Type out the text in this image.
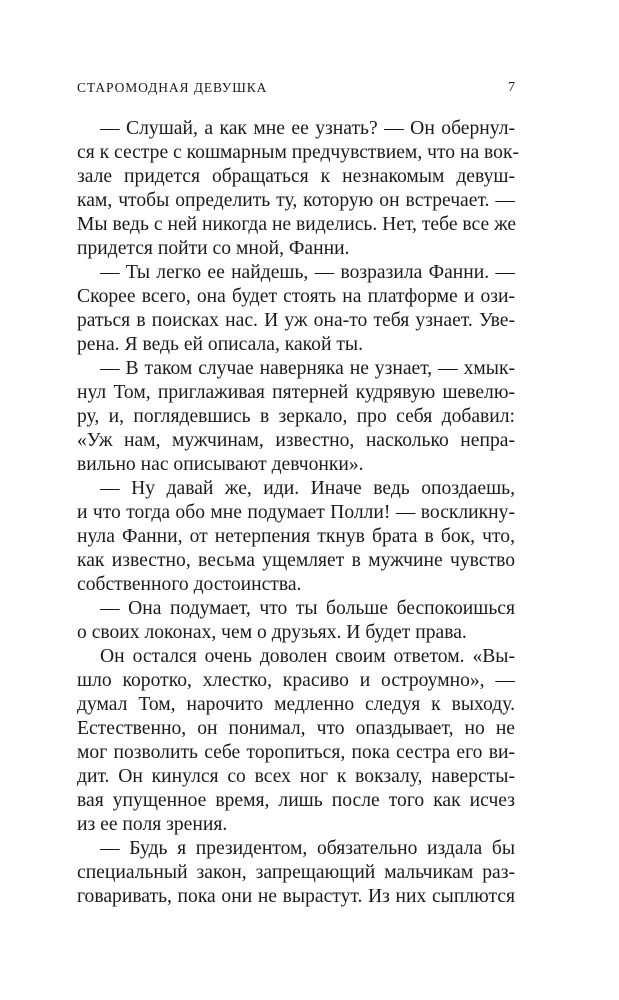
СТАРОМОДНАЯ ДЕВУШКА	7
— Слушай, а как мне ее узнать? — Он обернул-
ся к сестре с кошмарным предчувствием, что на вок-
зале придется обращаться к незнакомым девуш-
кам, чтобы определить ту, которую он встречает. —
Мы ведь с ней никогда не виделись. Нет, тебе все же
придется пойти со мной, Фанни.
— Ты легко ее найдешь, — возразила Фанни. —
Скорее всего, она будет стоять на платформе и ози-
раться в поисках нас. И уж она-то тебя узнает. Уве-
рена. Я ведь ей описала, какой ты.
— В таком случае наверняка не узнает, — хмык-
нул Том, приглаживая пятерней кудрявую шевелю-
ру, и, поглядевшись в зеркало, про себя добавил:
«Уж нам, мужчинам, известно, насколько непра-
вильно нас описывают девчонки».
— Ну давай же, иди. Иначе ведь опоздаешь,
и что тогда обо мне подумает Полли! — воскликну-
нула Фанни, от нетерпения ткнув брата в бок, что,
как известно, весьма ущемляет в мужчине чувство
собственного достоинства.
— Она подумает, что ты больше беспокоишься
о своих локонах, чем о друзьях. И будет права.
Он остался очень доволен своим ответом. «Вы-
шло коротко, хлестко, красиво и остроумно», —
думал Том, нарочито медленно следуя к выходу.
Естественно, он понимал, что опаздывает, но не
мог позволить себе торопиться, пока сестра его ви-
дит. Он кинулся со всех ног к вокзалу, наверсты-
вая упущенное время, лишь после того как исчез
из ее поля зрения.
— Будь я президентом, обязательно издала бы
специальный закон, запрещающий мальчикам раз-
говаривать, пока они не вырастут. Из них сыплются
